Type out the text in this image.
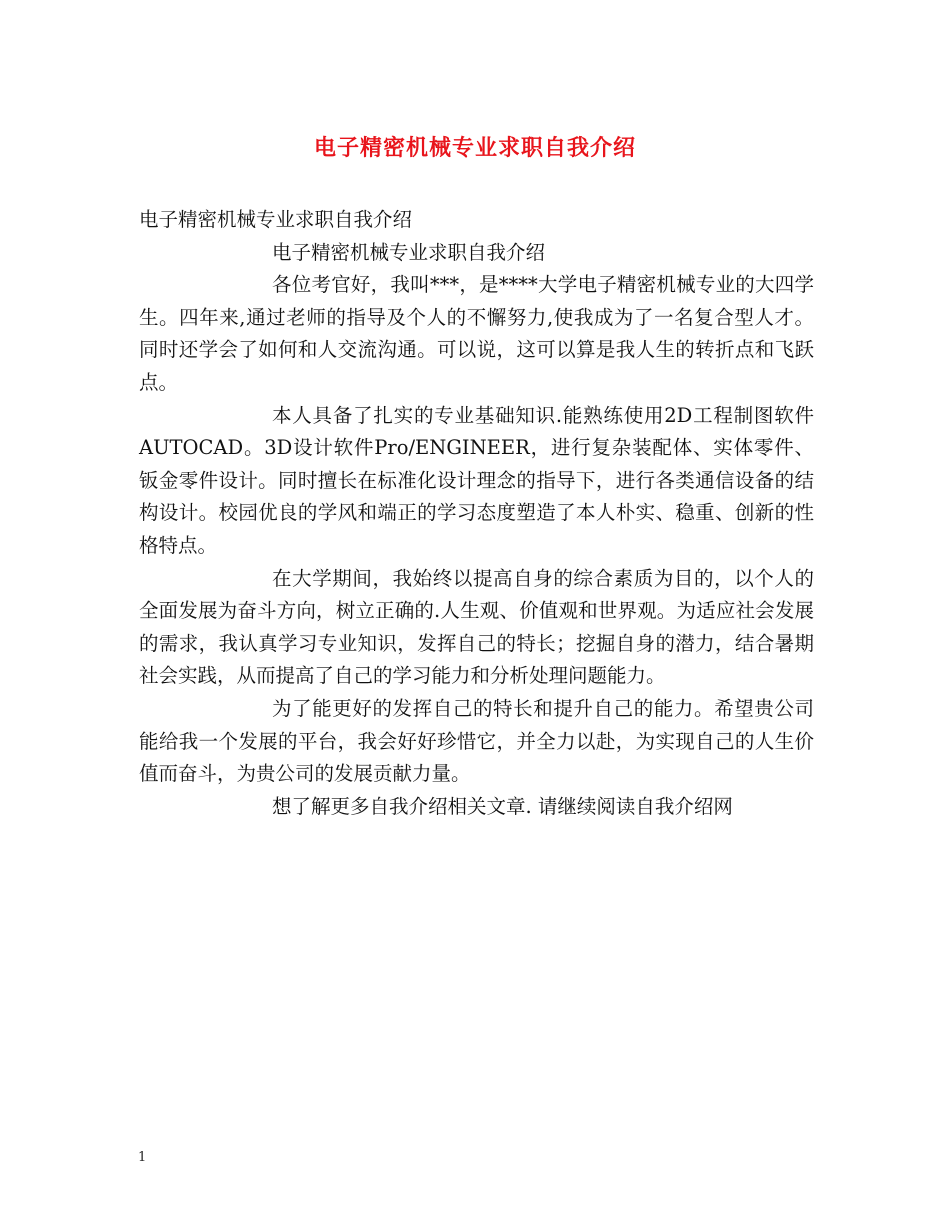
电子精密机械专业求职自我介绍

电子精密机械专业求职自我介绍

电子精密机械专业求职自我介绍

各位考官好，我叫***，是****大学电子精密机械专业的大四学生。四年来,通过老师的指导及个人的不懈努力,使我成为了一名复合型人才。同时还学会了如何和人交流沟通。可以说，这可以算是我人生的转折点和飞跃点。

本人具备了扎实的专业基础知识.能熟练使用2D工程制图软件AUTOCAD。3D设计软件Pro/ENGINEER，进行复杂装配体、实体零件、钣金零件设计。同时擅长在标准化设计理念的指导下，进行各类通信设备的结构设计。校园优良的学风和端正的学习态度塑造了本人朴实、稳重、创新的性格特点。

在大学期间，我始终以提高自身的综合素质为目的，以个人的全面发展为奋斗方向，树立正确的.人生观、价值观和世界观。为适应社会发展的需求，我认真学习专业知识，发挥自己的特长；挖掘自身的潜力，结合暑期社会实践，从而提高了自己的学习能力和分析处理问题能力。

为了能更好的发挥自己的特长和提升自己的能力。希望贵公司能给我一个发展的平台，我会好好珍惜它，并全力以赴，为实现自己的人生价值而奋斗，为贵公司的发展贡献力量。

想了解更多自我介绍相关文章. 请继续阅读自我介绍网

1
